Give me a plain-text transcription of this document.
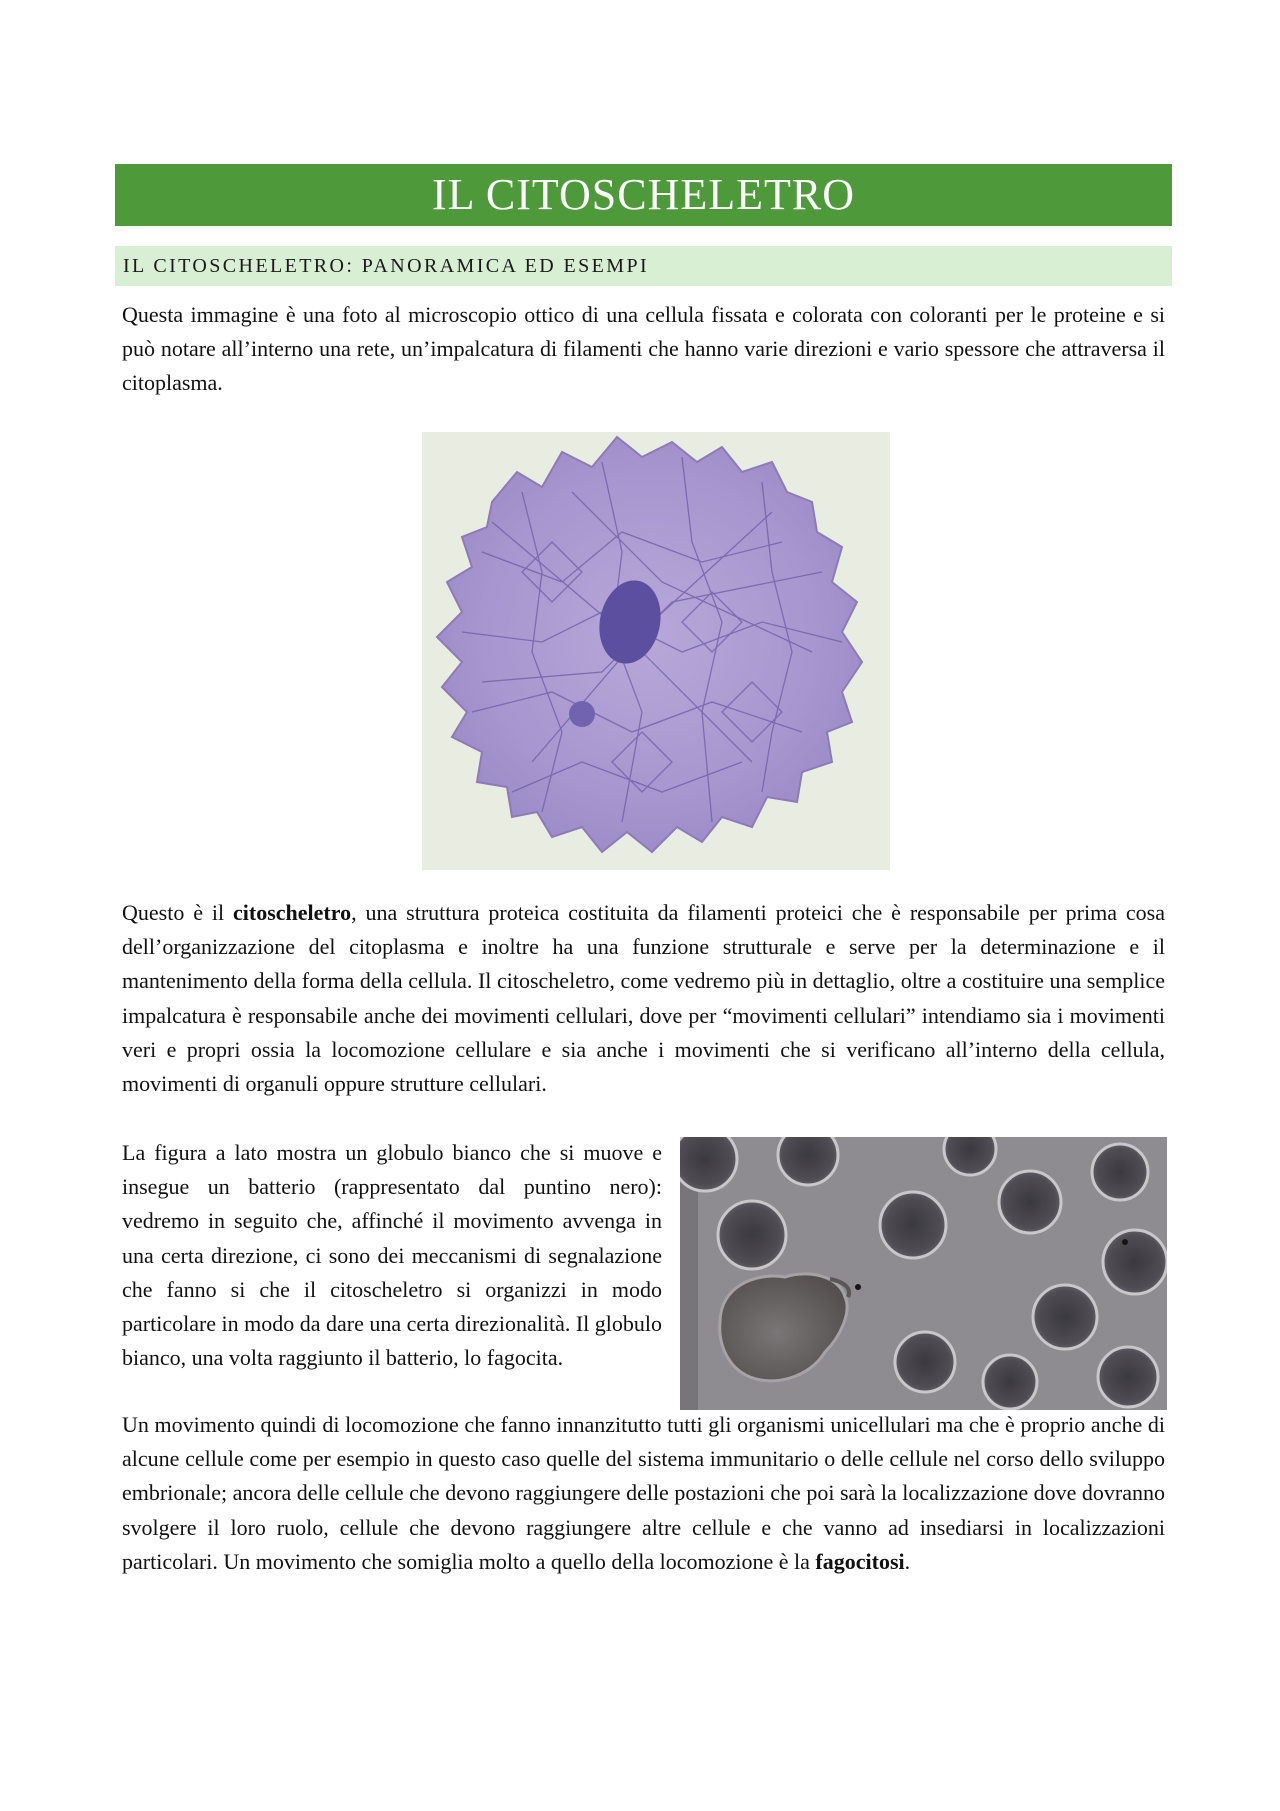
IL CITOSCHELETRO
IL CITOSCHELETRO: PANORAMICA ED ESEMPI

Questa immagine è una foto al microscopio ottico di una cellula fissata e colorata con coloranti per le proteine e si può notare all’interno una rete, un’impalcatura di filamenti che hanno varie direzioni e vario spessore che attraversa il citoplasma.

Questo è il citoscheletro, una struttura proteica costituita da filamenti proteici che è responsabile per prima cosa dell’organizzazione del citoplasma e inoltre ha una funzione strutturale e serve per la determinazione e il mantenimento della forma della cellula. Il citoscheletro, come vedremo più in dettaglio, oltre a costituire una semplice impalcatura è responsabile anche dei movimenti cellulari, dove per “movimenti cellulari” intendiamo sia i movimenti veri e propri ossia la locomozione cellulare e sia anche i movimenti che si verificano all’interno della cellula, movimenti di organuli oppure strutture cellulari.

La figura a lato mostra un globulo bianco che si muove e insegue un batterio (rappresentato dal puntino nero): vedremo in seguito che, affinché il movimento avvenga in una certa direzione, ci sono dei meccanismi di segnalazione che fanno si che il citoscheletro si organizzi in modo particolare in modo da dare una certa direzionalità. Il globulo bianco, una volta raggiunto il batterio, lo fagocita.

Un movimento quindi di locomozione che fanno innanzitutto tutti gli organismi unicellulari ma che è proprio anche di alcune cellule come per esempio in questo caso quelle del sistema immunitario o delle cellule nel corso dello sviluppo embrionale; ancora delle cellule che devono raggiungere delle postazioni che poi sarà la localizzazione dove dovranno svolgere il loro ruolo, cellule che devono raggiungere altre cellule e che vanno ad insediarsi in localizzazioni particolari. Un movimento che somiglia molto a quello della locomozione è la fagocitosi.
